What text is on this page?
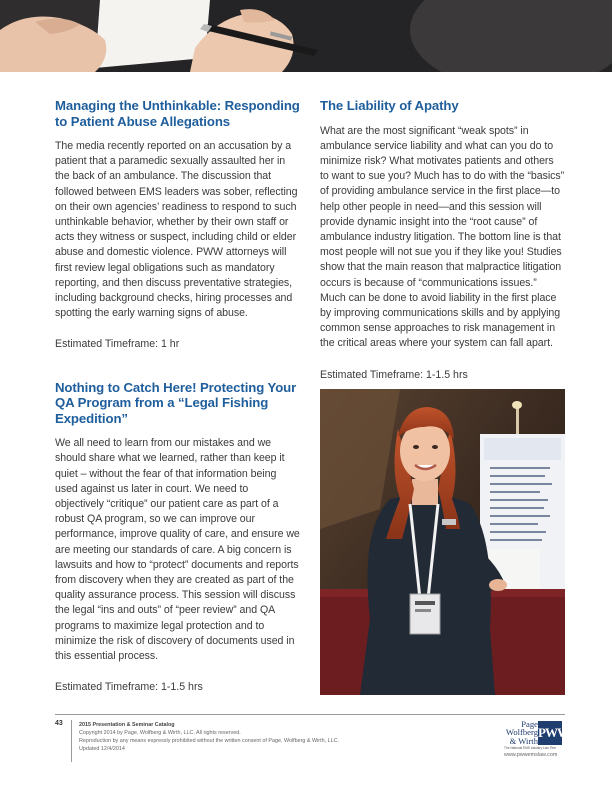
Managing the Unthinkable: Responding to Patient Abuse Allegations

The media recently reported on an accusation by a patient that a paramedic sexually assaulted her in the back of an ambulance. The discussion that followed between EMS leaders was sober, reflecting on their own agencies’ readiness to respond to such unthinkable behavior, whether by their own staff or acts they witness or suspect, including child or elder abuse and domestic violence. PWW attorneys will first review legal obligations such as mandatory reporting, and then discuss preventative strategies, including background checks, hiring processes and spotting the early warning signs of abuse.

Estimated Timeframe: 1 hr

Nothing to Catch Here! Protecting Your QA Program from a “Legal Fishing Expedition”

We all need to learn from our mistakes and we should share what we learned, rather than keep it quiet – without the fear of that information being used against us later in court. We need to objectively “critique” our patient care as part of a robust QA program, so we can improve our performance, improve quality of care, and ensure we are meeting our standards of care. A big concern is lawsuits and how to “protect” documents and reports from discovery when they are created as part of the quality assurance process. This session will discuss the legal “ins and outs” of “peer review” and QA programs to maximize legal protection and to minimize the risk of discovery of documents used in this essential process.

Estimated Timeframe: 1-1.5 hrs

The Liability of Apathy

What are the most significant “weak spots” in ambulance service liability and what can you do to minimize risk? What motivates patients and others to want to sue you? Much has to do with the “basics” of providing ambulance service in the first place—to help other people in need—and this session will provide dynamic insight into the “root cause” of ambulance industry litigation. The bottom line is that most people will not sue you if they like you! Studies show that the main reason that malpractice litigation occurs is because of “communications issues.” Much can be done to avoid liability in the first place by improving communications skills and by applying common sense approaches to risk management in the critical areas where your system can fall apart.

Estimated Timeframe: 1-1.5 hrs

43	2015 Presentation & Seminar Catalog
Copyright 2014 by Page, Wolfberg & Wirth, LLC. All rights reserved.
Reproduction by any means expressly prohibited without the written consent of Page, Wolfberg & Wirth, LLC.
Updated 12/4/2014
Page
Wolfberg
& Wirth
PWW
The National EMS Industry Law Firm
www.pwwemslaw.com
